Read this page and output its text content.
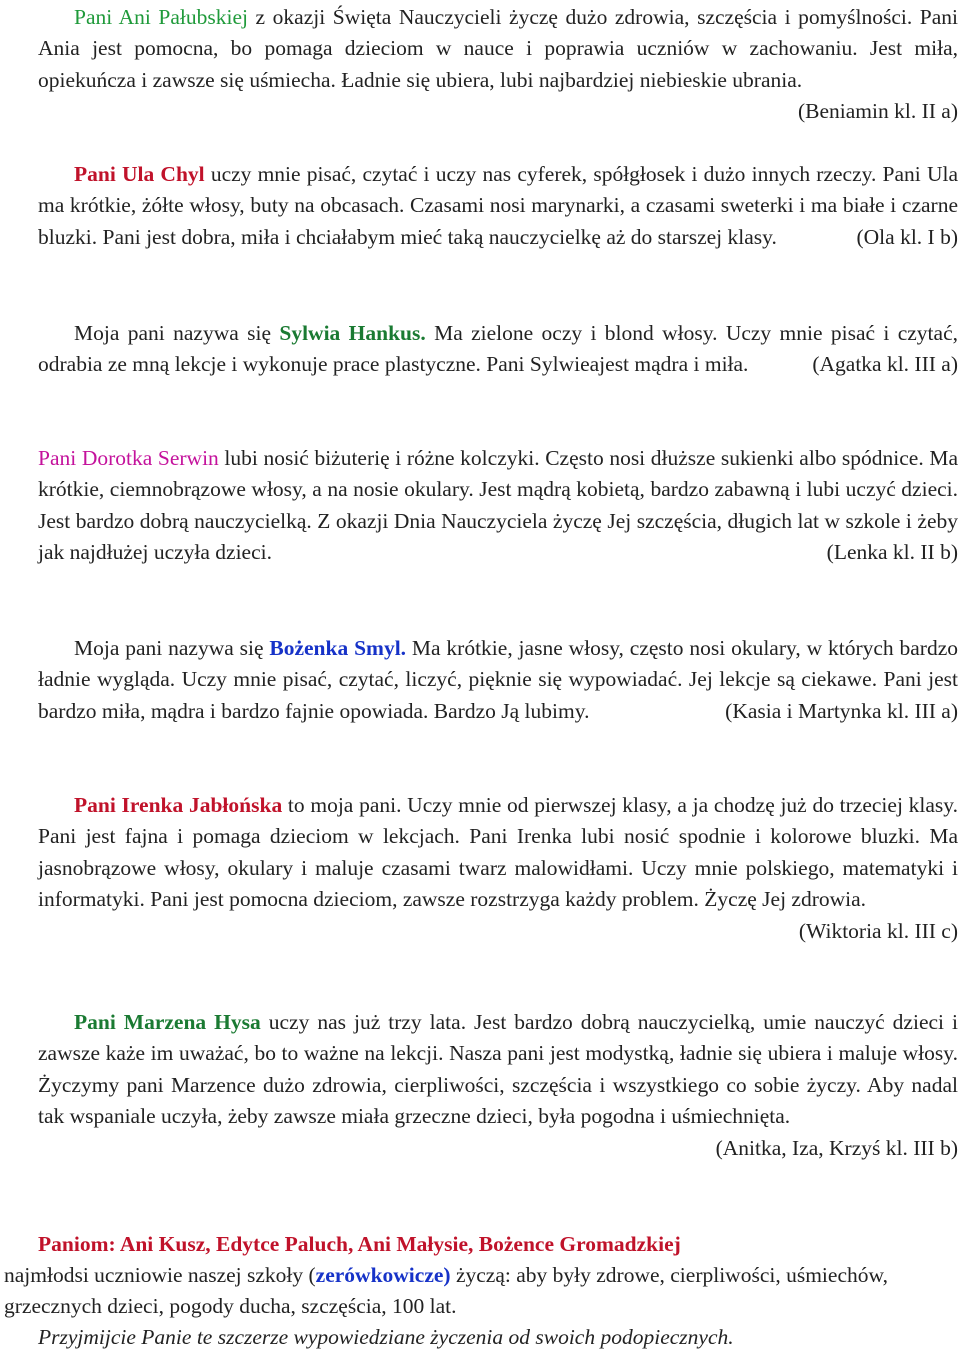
Pani Ani Pałubskiej z okazji Święta Nauczycieli życzę dużo zdrowia, szczęścia i pomyślności. Pani Ania jest pomocna, bo pomaga dzieciom w nauce i poprawia uczniów w zachowaniu. Jest miła, opiekuńcza i zawsze się uśmiecha. Ładnie się ubiera, lubi najbardziej niebieskie ubrania.
(Beniamin kl. II a)

Pani Ula Chyl uczy mnie pisać, czytać i uczy nas cyferek, spółgłosek i dużo innych rzeczy. Pani Ula ma krótkie, żółte włosy, buty na obcasach. Czasami nosi marynarki, a czasami sweterki i ma białe i czarne bluzki. Pani jest dobra, miła i chciałabym mieć taką nauczycielkę aż do starszej klasy.	(Ola kl. I b)

Moja pani nazywa się Sylwia Hankus. Ma zielone oczy i blond włosy. Uczy mnie pisać i czytać, odrabia ze mną lekcje i wykonuje prace plastyczne. Pani Sylwieajest mądra i miła.	(Agatka kl. III a)

Pani Dorotka Serwin lubi nosić biżuterię i różne kolczyki. Często nosi dłuższe sukienki albo spódnice. Ma krótkie, ciemnobrązowe włosy, a na nosie okulary. Jest mądrą kobietą, bardzo zabawną i lubi uczyć dzieci. Jest bardzo dobrą nauczycielką. Z okazji Dnia Nauczyciela życzę Jej szczęścia, długich lat w szkole i żeby jak najdłużej uczyła dzieci.	(Lenka kl. II b)

Moja pani nazywa się Bożenka Smyl. Ma krótkie, jasne włosy, często nosi okulary, w których bardzo ładnie wygląda. Uczy mnie pisać, czytać, liczyć, pięknie się wypowiadać. Jej lekcje są ciekawe. Pani jest bardzo miła, mądra i bardzo fajnie opowiada. Bardzo Ją lubimy.	(Kasia i Martynka kl. III a)

Pani Irenka Jabłońska to moja pani. Uczy mnie od pierwszej klasy, a ja chodzę już do trzeciej klasy. Pani jest fajna i pomaga dzieciom w lekcjach. Pani Irenka lubi nosić spodnie i kolorowe bluzki. Ma jasnobrązowe włosy, okulary i maluje czasami twarz malowidłami. Uczy mnie polskiego, matematyki i informatyki. Pani jest pomocna dzieciom, zawsze rozstrzyga każdy problem. Życzę Jej zdrowia.
(Wiktoria kl. III c)

Pani Marzena Hysa uczy nas już trzy lata. Jest bardzo dobrą nauczycielką, umie nauczyć dzieci i zawsze każe im uważać, bo to ważne na lekcji. Nasza pani jest modystką, ładnie się ubiera i maluje włosy. Życzymy pani Marzence dużo zdrowia, cierpliwości, szczęścia i wszystkiego co sobie życzy. Aby nadal tak wspaniale uczyła, żeby zawsze miała grzeczne dzieci, była pogodna i uśmiechnięta.
(Anitka, Iza, Krzyś kl. III b)

Paniom: Ani Kusz, Edytce Paluch, Ani Małysie, Bożence Gromadzkiej
najmłodsi uczniowie naszej szkoły (zerówkowicze) życzą: aby były zdrowe, cierpliwości, uśmiechów, grzecznych dzieci, pogody ducha, szczęścia, 100 lat.
Przyjmijcie Panie te szczerze wypowiedziane życzenia od swoich podopiecznych.
